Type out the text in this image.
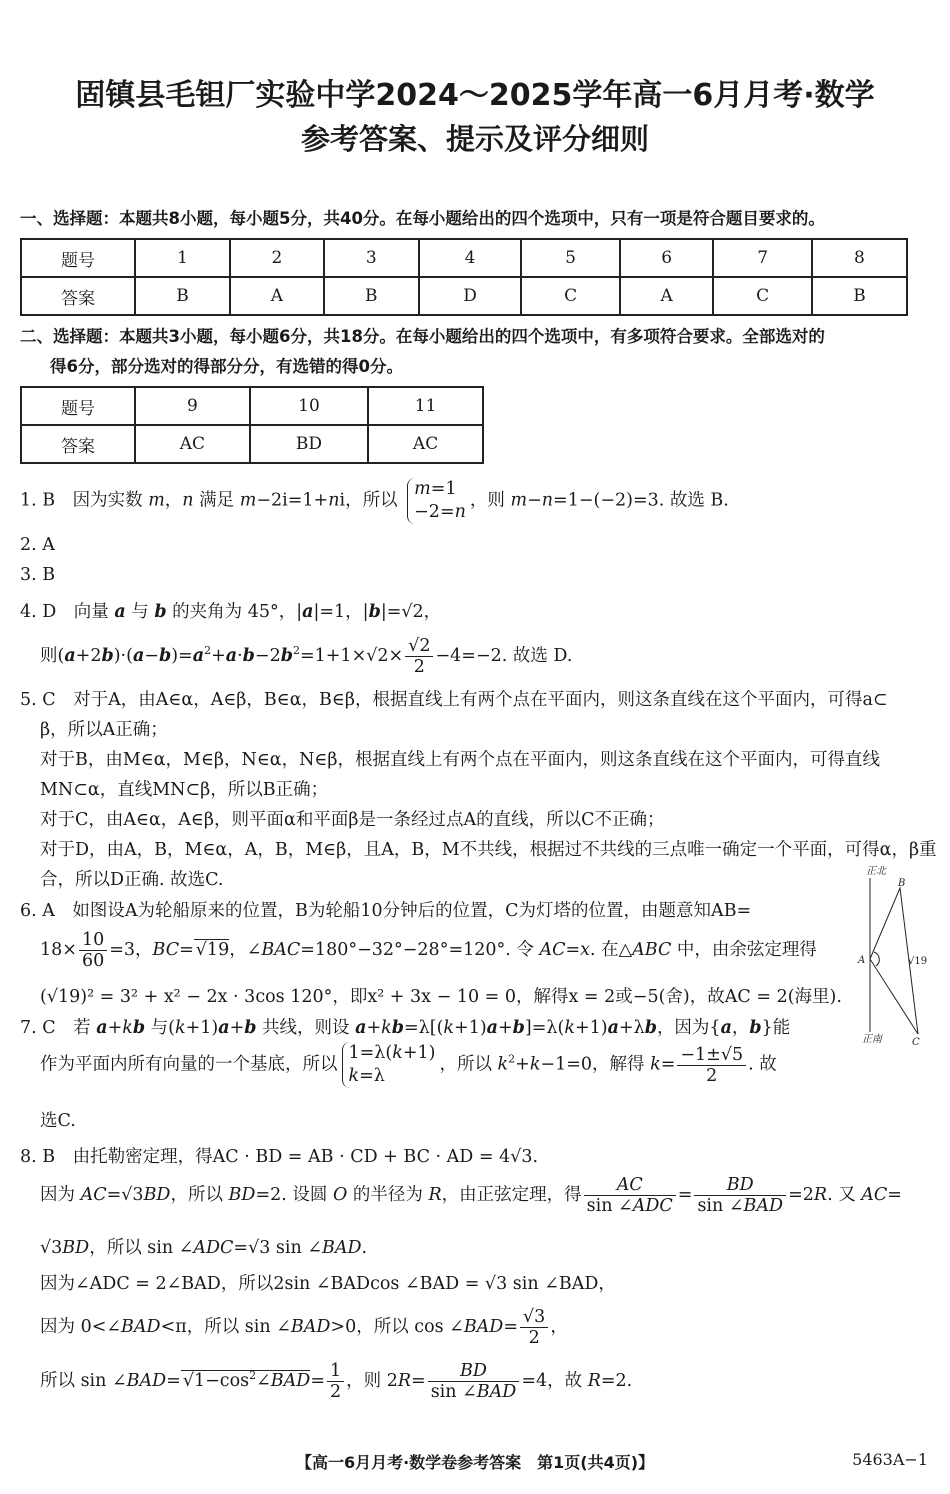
固镇县毛钽厂实验中学2024～2025学年高一6月月考·数学
参考答案、提示及评分细则
一、选择题：本题共8小题，每小题5分，共40分。在每小题给出的四个选项中，只有一项是符合题目要求的。
题号	1	2	3	4	5	6	7	8
答案	B	A	B	D	C	A	C	B
二、选择题：本题共3小题，每小题6分，共18分。在每小题给出的四个选项中，有多项符合要求。全部选对的
得6分，部分选对的得部分分，有选错的得0分。
题号	9	10	11
答案	AC	BD	AC
1. B　因为实数 m，n 满足 m−2i=1+ni，所以 m=1
−2=n，则 m−n=1−(−2)=3. 故选 B.
2. A
3. B
4. D　向量 a 与 b 的夹角为 45°，|a|=1，|b|=√2，
则$(a+2b)\cdot(a-b)=a^2+a\cdot b-2b^2=1+1\times√2\times \frac{√2}{2} -4=-2$. 故选 D.
5. C　对于A，由A∈α，A∈β，B∈α，B∈β，根据直线上有两个点在平面内，则这条直线在这个平面内，可得a⊂
β，所以A正确；
对于B，由M∈α，M∈β，N∈α，N∈β，根据直线上有两个点在平面内，则这条直线在这个平面内，可得直线
MN⊂α，直线MN⊂β，所以B正确；
对于C，由A∈α，A∈β，则平面α和平面β是一条经过点A的直线，所以C不正确；
对于D，由A，B，M∈α，A，B，M∈β，且A，B，M不共线，根据过不共线的三点唯一确定一个平面，可得α，β重
合，所以D正确. 故选C.
6. A　如图设A为轮船原来的位置，B为轮船10分钟后的位置，C为灯塔的位置，由题意知AB=
$18\times \frac{10}{60} =3$，BC= √19，∠BAC=180°−32°−28°=120°. 令 AC=x. 在△ABC 中，由余弦定理得
(√19)² = 3² + x² − 2x · 3cos 120°，即x² + 3x − 10 = 0，解得x = 2或−5(舍)，故AC = 2(海里).
正北
正南
A
B
C
√19
7. C　若 a+kb 与(k+1)a+b 共线，则设 a+kb=λ[(k+1)a+b]=λ(k+1)a+λb，因为{a，b}能
作为平面内所有向量的一个基底，所以1=λ(k+1)
k=λ，所以 $k^2+k-1=0$，解得 $k= \frac{-1\pm√5}{2}$ . 故
选C.
8. B　由托勒密定理，得AC · BD = AB · CD + BC · AD = 4√3.
因为 AC=√3BD，所以 BD=2. 设圆 O 的半径为 R，由正弦定理，得 $\frac{AC}{\text{sin ∠ADC}} = \frac{BD}{\text{sin ∠BAD}} =2R$. 又 AC=
√3BD，所以 sin ∠ADC=√3 sin ∠BAD.
因为∠ADC = 2∠BAD，所以2sin ∠BADcos ∠BAD = √3 sin ∠BAD，
因为 0<∠BAD<π，所以 sin ∠BAD>0，所以 cos ∠BAD= $\frac{√3}{2}$ ，
所以 sin ∠BAD= $√1-\cos^2\angle BAD= \frac{1}{2}$ ，则 $2R= \frac{BD}{\text{sin ∠BAD}} =4$，故 R=2.
【高一6月月考·数学卷参考答案　第1页(共4页)】	5463A−1
